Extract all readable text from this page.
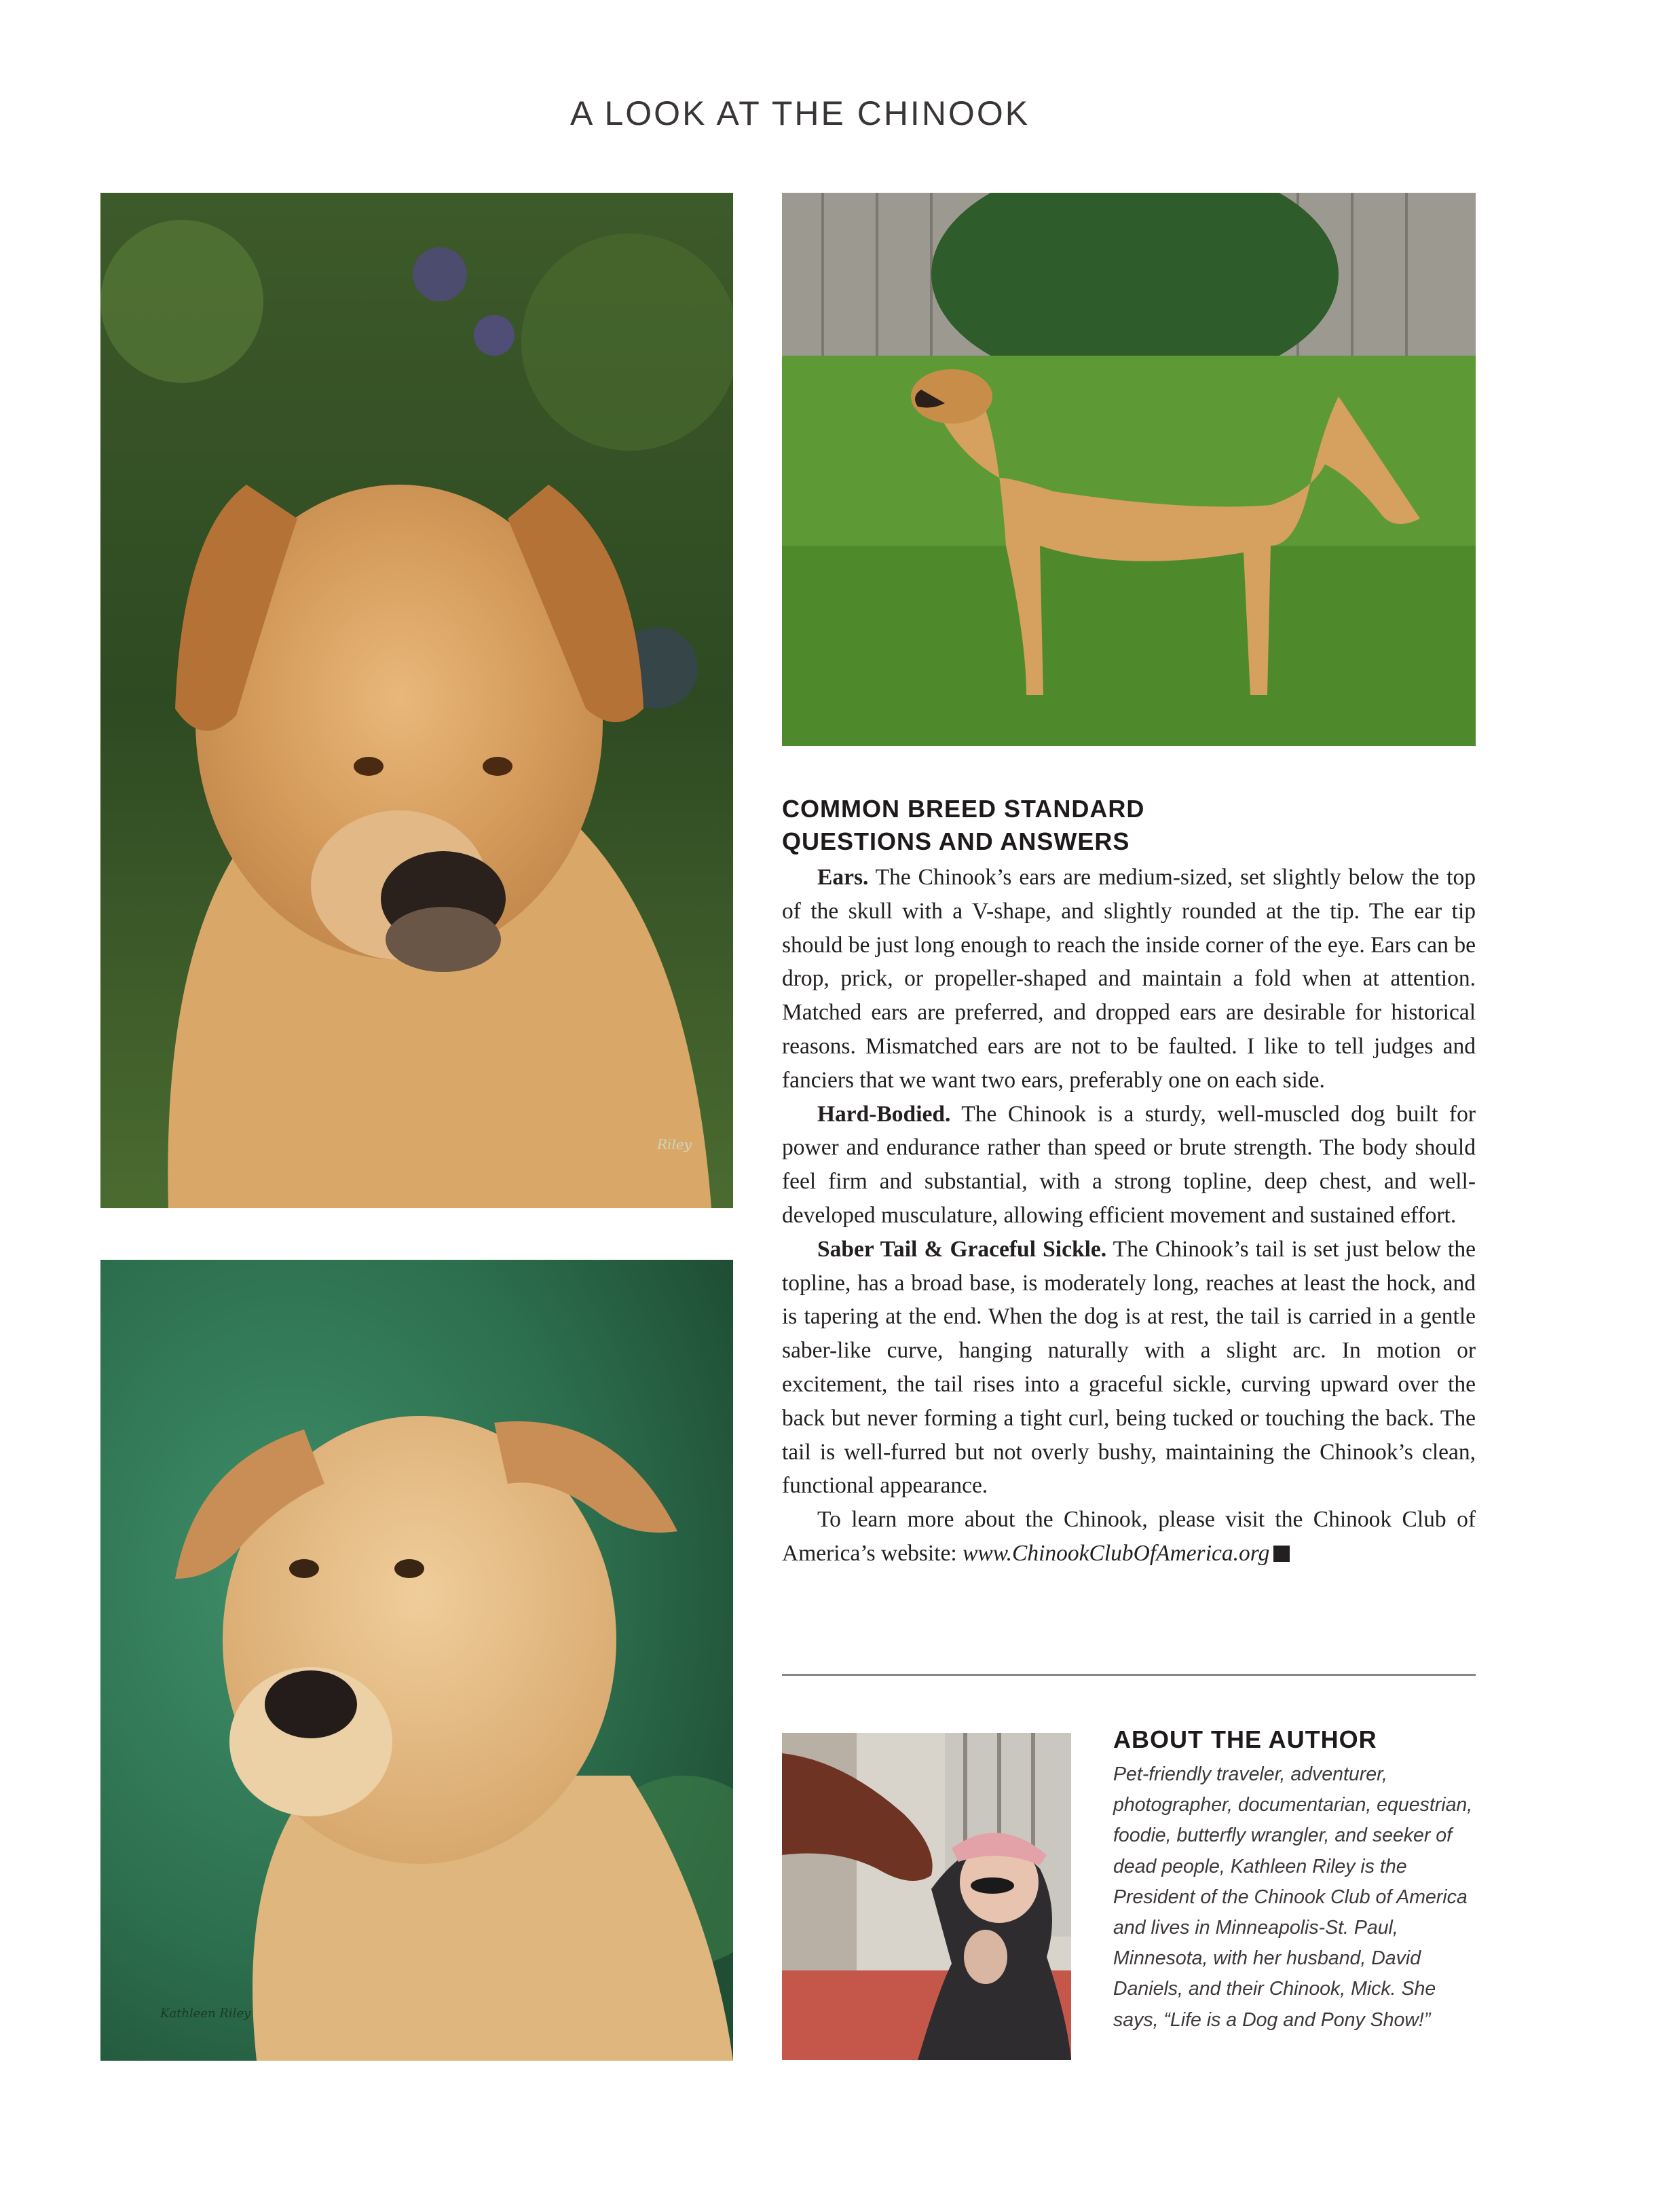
A LOOK AT THE CHINOOK
Riley
Kathleen Riley
COMMON BREED STANDARD
QUESTIONS AND ANSWERS

Ears. The Chinook’s ears are medium-sized, set slightly below the top of the skull with a V-shape, and slightly rounded at the tip. The ear tip should be just long enough to reach the inside corner of the eye. Ears can be drop, prick, or propeller-shaped and maintain a fold when at attention. Matched ears are preferred, and dropped ears are desirable for historical reasons. Mismatched ears are not to be faulted. I like to tell judges and fanciers that we want two ears, preferably one on each side.

Hard-Bodied. The Chinook is a sturdy, well-muscled dog built for power and endurance rather than speed or brute strength. The body should feel firm and substantial, with a strong topline, deep chest, and well-developed musculature, allowing efficient movement and sustained effort.

Saber Tail & Graceful Sickle. The Chinook’s tail is set just below the topline, has a broad base, is moderately long, reaches at least the hock, and is tapering at the end. When the dog is at rest, the tail is carried in a gentle saber-like curve, hanging naturally with a slight arc. In motion or excitement, the tail rises into a graceful sickle, curving upward over the back but never forming a tight curl, being tucked or touching the back. The tail is well-furred but not overly bushy, maintaining the Chinook’s clean, functional appearance.

To learn more about the Chinook, please visit the Chinook Club of America’s website: www.ChinookClubOfAmerica.org

ABOUT THE AUTHOR
Pet-friendly traveler, adventurer, photographer, documentarian, equestrian, foodie, butterfly wrangler, and seeker of dead people, Kathleen Riley is the President of the Chinook Club of America and lives in Minneapolis-St. Paul, Minnesota, with her husband, David Daniels, and their Chinook, Mick. She says, “Life is a Dog and Pony Show!”
